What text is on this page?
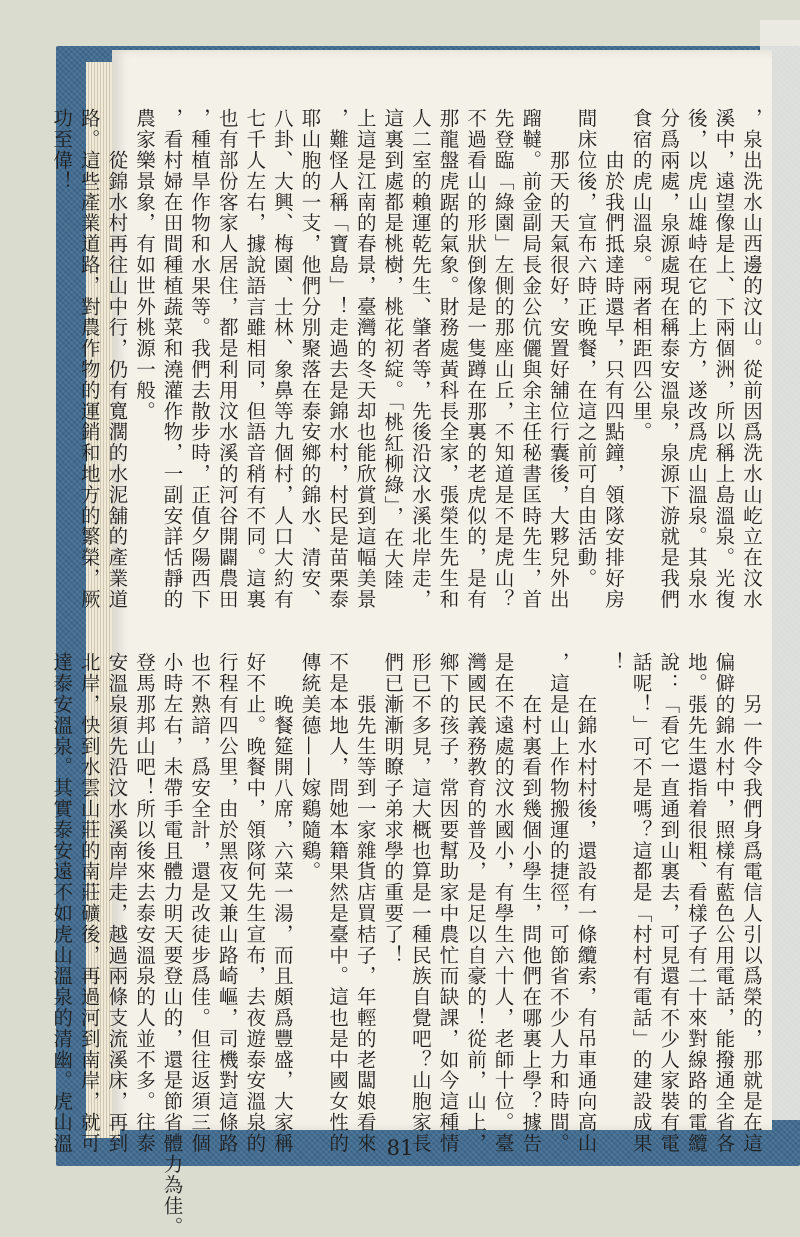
，泉出洗水山西邊的汶山。從前因爲洗水山屹立在汶水
溪中，遠望像是上、下兩個洲，所以稱上島溫泉。光復
後，以虎山雄峙在它的上方，遂改爲虎山溫泉。其泉水
分爲兩處，泉源處現在稱泰安溫泉，泉源下游就是我們
食宿的虎山溫泉。兩者相距四公里。
　　由於我們抵達時還早，只有四點鐘，領隊安排好房
間床位後，宣布六時正晚餐，在這之前可自由活動。
　　那天的天氣很好，安置好舖位行囊後，大夥兒外出
蹓韃。前金副局長金公伉儷與余主任秘書匡時先生，首
先登臨「綠園」左側的那座山丘，不知道是不是虎山？
不過看山的形狀倒像是一隻蹲在那裏的老虎似的，是有
那龍盤虎踞的氣象。財務處黃科長全家，張榮生先生和
人二室的賴運乾先生、肇者等，先後沿汶水溪北岸走，
這裏到處都是桃樹，桃花初綻。「桃紅柳綠」，在大陸
上這是江南的春景，臺灣的冬天却也能欣賞到這幅美景
，難怪人稱「寶島」！走過去是錦水村，村民是苗栗泰
耶山胞的一支，他們分別聚落在泰安鄉的錦水、清安、
八卦、大興、梅園、士林、象鼻等九個村，人口大約有
七千人左右，據說語言雖相同，但語音稍有不同。這裏
也有部份客家人居住，都是利用汶水溪的河谷開闢農田
，種植旱作物和水果等。我們去散步時，正值夕陽西下
，看村婦在田間種植蔬菜和澆灌作物，一副安詳恬靜的
農家樂景象，有如世外桃源一般。
　　從錦水村再往山中行，仍有寬濶的水泥舖的產業道
路。這些產業道路，對農作物的運銷和地方的繁榮，厥
功至偉！
　　另一件令我們身爲電信人引以爲榮的，那就是在這
偏僻的錦水村中，照樣有藍色公用電話，能撥通全省各
地。張先生還指着很粗、看樣子有二十來對線路的電纜
說：「看它一直通到山裏去，可見還有不少人家裝有電
話呢！」可不是嗎？這都是「村村有電話」的建設成果
！
　　在錦水村村後，還設有一條纜索，有吊車通向高山
，這是山上作物搬運的捷徑，可節省不少人力和時間。
　　在村裏看到幾個小學生，問他們在哪裏上學？據告
是在不遠處的汶水國小，有學生六十人，老師十位。臺
灣國民義務教育的普及，是足以自豪的！從前，山上，
鄉下的孩子，常因要幫助家中農忙而缺課，如今這種情
形已不多見，這大概也算是一種民族自覺吧？山胞家長
們已漸漸明瞭子弟求學的重要了！
　　張先生等到一家雜貨店買桔子，年輕的老闆娘看來
不是本地人，問她本籍果然是臺中。這也是中國女性的
傳統美德——嫁鷄隨鷄。
　　晚餐筵開八席，六菜一湯，而且頗爲豐盛，大家稱
好不止。晚餐中，領隊何先生宣布，去夜遊泰安溫泉的
行程有四公里，由於黑夜又兼山路崎嶇，司機對這條路
也不熟諳，爲安全計，還是改徒步爲佳。但往返須三個
小時左右，未帶手電且體力明天要登山的，還是節省體力為佳。
登馬那邦山吧！所以後來去泰安溫泉的人並不多。往泰
安溫泉須先沿汶水溪南岸走，越過兩條支流溪床，再到
北岸，快到水雲山莊的南莊礦後，再過河到南岸，就可
達泰安溫泉。其實泰安遠不如虎山溫泉的清幽。虎山溫	81
